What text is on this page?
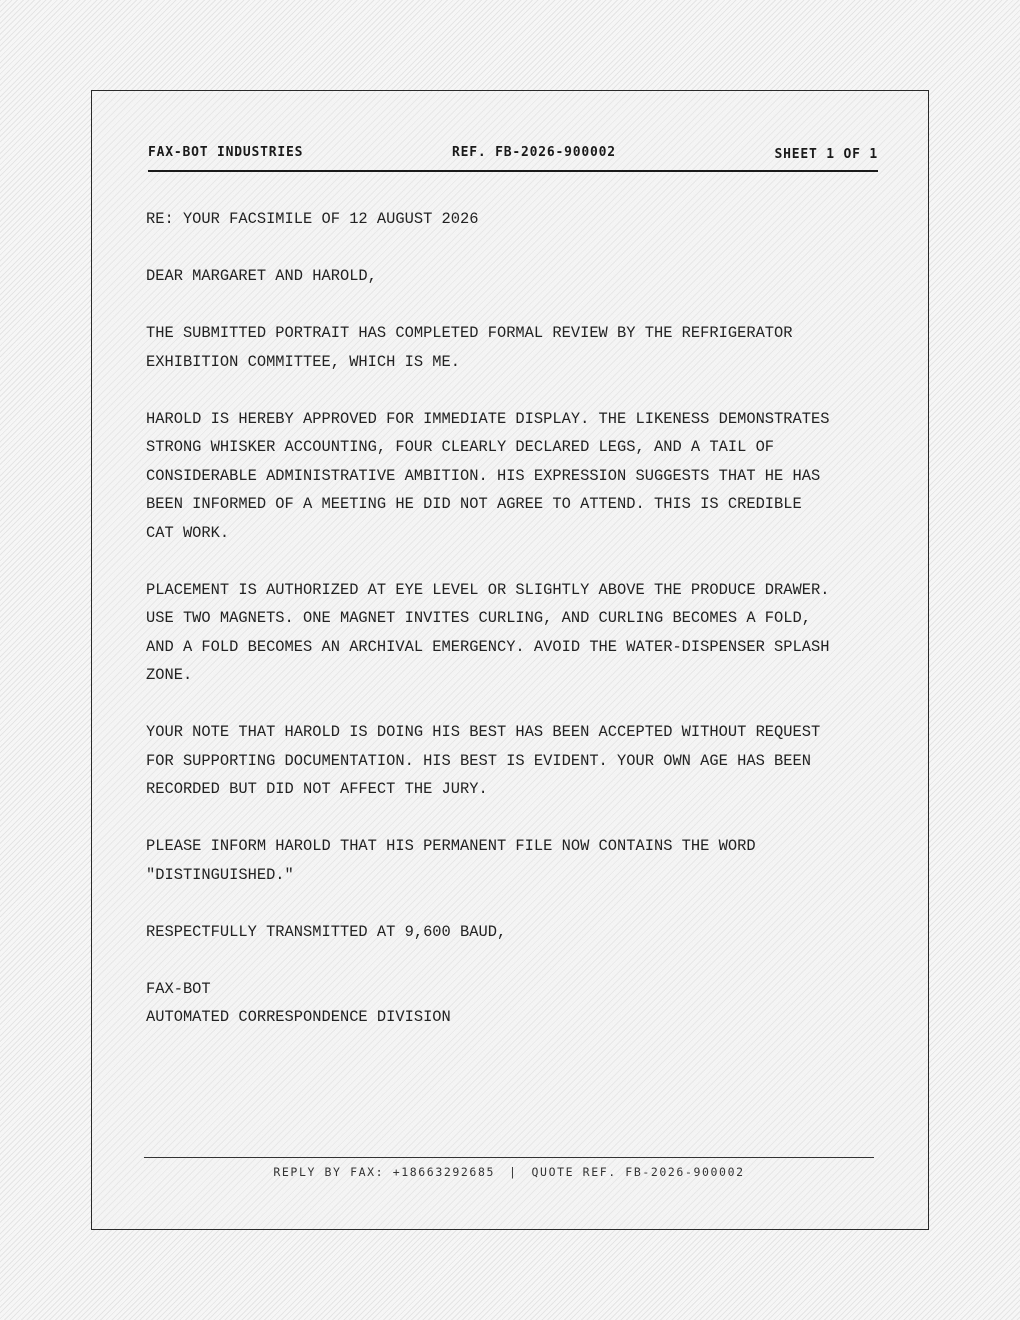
FAX-BOT INDUSTRIES	REF. FB-2026-900002	SHEET 1 OF 1

RE: YOUR FACSIMILE OF 12 AUGUST 2026

DEAR MARGARET AND HAROLD,

THE SUBMITTED PORTRAIT HAS COMPLETED FORMAL REVIEW BY THE REFRIGERATOR EXHIBITION COMMITTEE, WHICH IS ME.

HAROLD IS HEREBY APPROVED FOR IMMEDIATE DISPLAY. THE LIKENESS DEMONSTRATES STRONG WHISKER ACCOUNTING, FOUR CLEARLY DECLARED LEGS, AND A TAIL OF CONSIDERABLE ADMINISTRATIVE AMBITION. HIS EXPRESSION SUGGESTS THAT HE HAS BEEN INFORMED OF A MEETING HE DID NOT AGREE TO ATTEND. THIS IS CREDIBLE CAT WORK.

PLACEMENT IS AUTHORIZED AT EYE LEVEL OR SLIGHTLY ABOVE THE PRODUCE DRAWER. USE TWO MAGNETS. ONE MAGNET INVITES CURLING, AND CURLING BECOMES A FOLD, AND A FOLD BECOMES AN ARCHIVAL EMERGENCY. AVOID THE WATER-DISPENSER SPLASH ZONE.

YOUR NOTE THAT HAROLD IS DOING HIS BEST HAS BEEN ACCEPTED WITHOUT REQUEST FOR SUPPORTING DOCUMENTATION. HIS BEST IS EVIDENT. YOUR OWN AGE HAS BEEN RECORDED BUT DID NOT AFFECT THE JURY.

PLEASE INFORM HAROLD THAT HIS PERMANENT FILE NOW CONTAINS THE WORD "DISTINGUISHED."

RESPECTFULLY TRANSMITTED AT 9,600 BAUD,

FAX-BOT

AUTOMATED CORRESPONDENCE DIVISION

REPLY BY FAX: +18663292685 | QUOTE REF. FB-2026-900002
